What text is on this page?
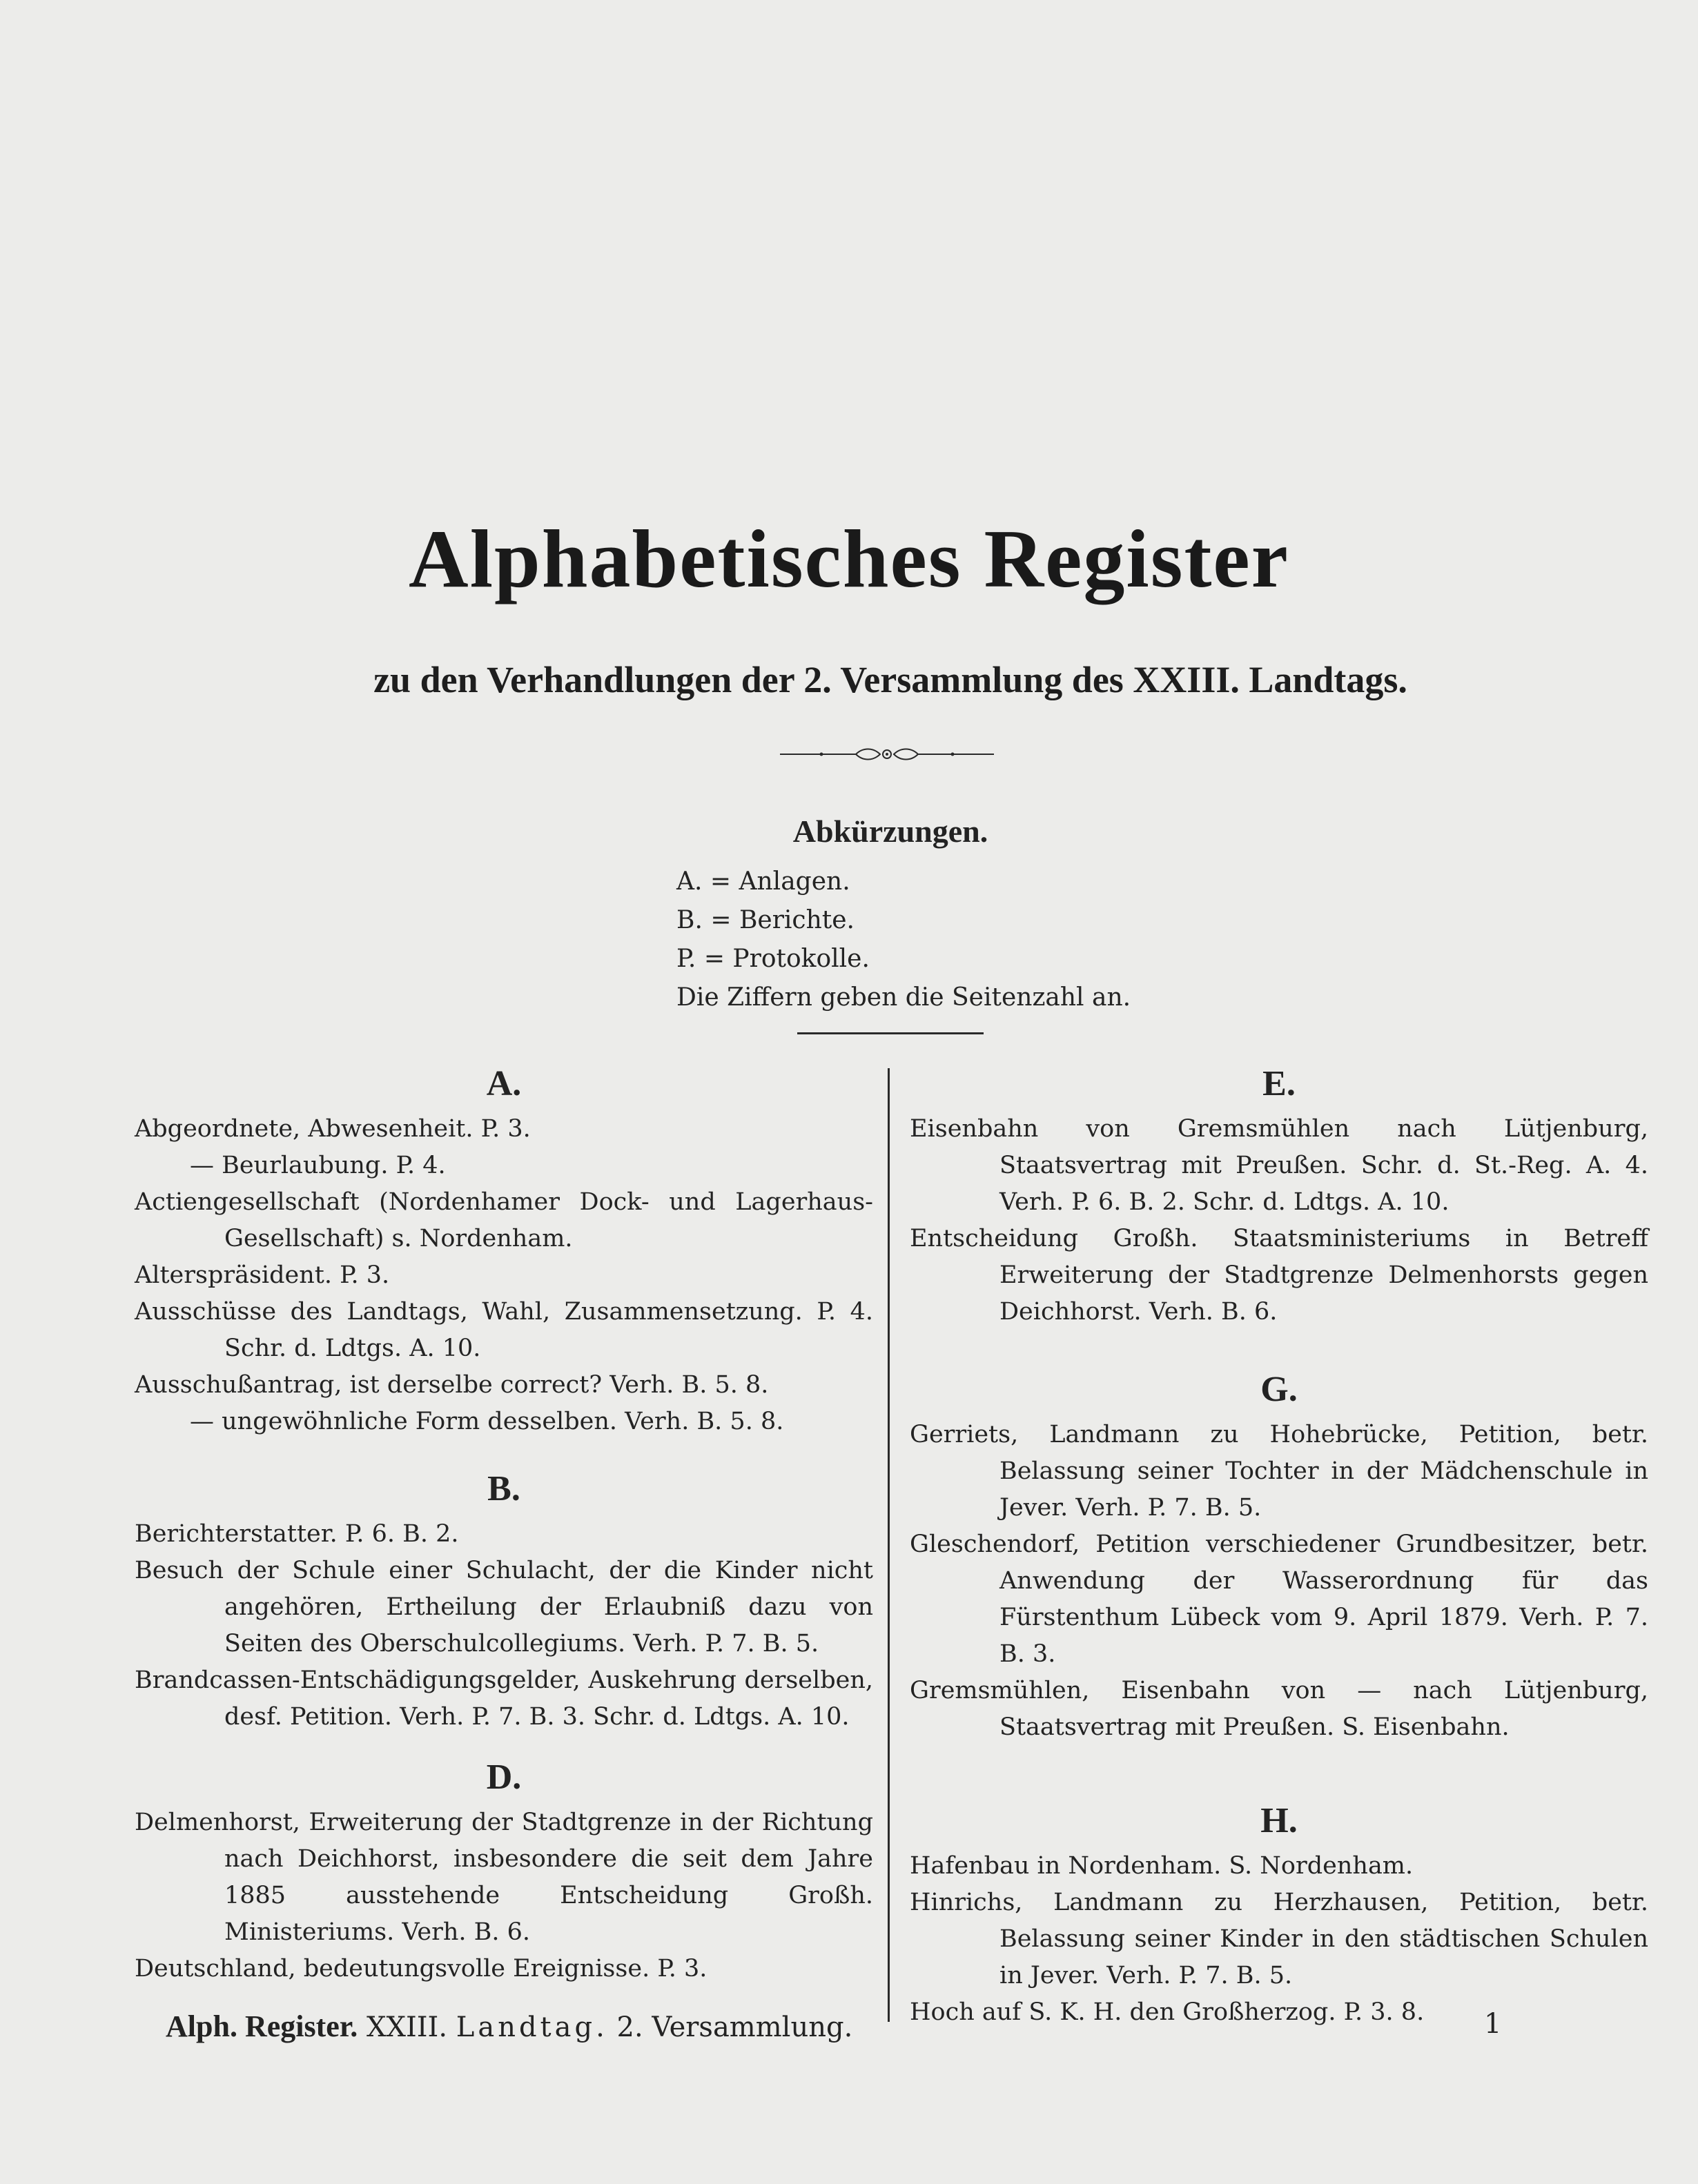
Alphabetisches Register
zu den Verhandlungen der 2. Versammlung des XXIII. Landtags.
Abkürzungen.
A. = Anlagen.
B. = Berichte.
P. = Protokolle.
Die Ziffern geben die Seitenzahl an.
A.
Abgeordnete, Abwesenheit. P. 3.
— Beurlaubung. P. 4.
Actiengesellschaft (Nordenhamer Dock- und Lagerhaus-Gesellschaft) s. Nordenham.
Alterspräsident. P. 3.
Ausschüsse des Landtags, Wahl, Zusammensetzung. P. 4. Schr. d. Ldtgs. A. 10.
Ausschußantrag, ist derselbe correct? Verh. B. 5. 8.
— ungewöhnliche Form desselben. Verh. B. 5. 8.
B.
Berichterstatter. P. 6. B. 2.
Besuch der Schule einer Schulacht, der die Kinder nicht angehören, Ertheilung der Erlaubniß dazu von Seiten des Oberschulcollegiums. Verh. P. 7. B. 5.
Brandcassen-Entschädigungsgelder, Auskehrung derselben, desf. Petition. Verh. P. 7. B. 3. Schr. d. Ldtgs. A. 10.
D.
Delmenhorst, Erweiterung der Stadtgrenze in der Richtung nach Deichhorst, insbesondere die seit dem Jahre 1885 ausstehende Entscheidung Großh. Ministeriums. Verh. B. 6.
Deutschland, bedeutungsvolle Ereignisse. P. 3.
E.
Eisenbahn von Gremsmühlen nach Lütjenburg, Staatsvertrag mit Preußen. Schr. d. St.-Reg. A. 4. Verh. P. 6. B. 2. Schr. d. Ldtgs. A. 10.
Entscheidung Großh. Staatsministeriums in Betreff Erweiterung der Stadtgrenze Delmenhorsts gegen Deichhorst. Verh. B. 6.
G.
Gerriets, Landmann zu Hohebrücke, Petition, betr. Belassung seiner Tochter in der Mädchenschule in Jever. Verh. P. 7. B. 5.
Gleschendorf, Petition verschiedener Grundbesitzer, betr. Anwendung der Wasserordnung für das Fürstenthum Lübeck vom 9. April 1879. Verh. P. 7. B. 3.
Gremsmühlen, Eisenbahn von — nach Lütjenburg, Staatsvertrag mit Preußen. S. Eisenbahn.
H.
Hafenbau in Nordenham. S. Nordenham.
Hinrichs, Landmann zu Herzhausen, Petition, betr. Belassung seiner Kinder in den städtischen Schulen in Jever. Verh. P. 7. B. 5.
Hoch auf S. K. H. den Großherzog. P. 3. 8.
Alph. Register. XXIII. Landtag. 2. Versammlung.	1
